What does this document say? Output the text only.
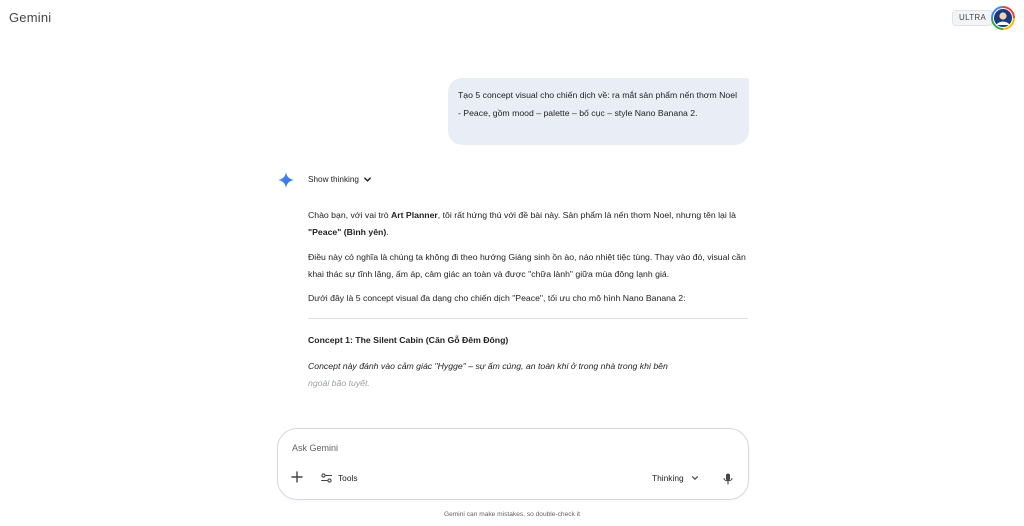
Gemini	ULTRA
Tạo 5 concept visual cho chiến dịch về: ra mắt sản phẩm nến thơm Noel - Peace, gồm mood – palette – bố cục – style Nano Banana 2.
Show thinking

Chào bạn, với vai trò Art Planner, tôi rất hứng thú với đề bài này. Sản phẩm là nến thơm Noel, nhưng tên lại là "Peace" (Bình yên).

Điều này có nghĩa là chúng ta không đi theo hướng Giáng sinh ồn ào, náo nhiệt tiệc tùng. Thay vào đó, visual cần khai thác sự tĩnh lặng, ấm áp, cảm giác an toàn và được "chữa lành" giữa mùa đông lạnh giá.

Dưới đây là 5 concept visual đa dạng cho chiến dịch "Peace", tối ưu cho mô hình Nano Banana 2:

Concept 1: The Silent Cabin (Căn Gỗ Đêm Đông)
Concept này đánh vào cảm giác "Hygge" – sự ấm cúng, an toàn khi ở trong nhà trong khi bên
ngoài bão tuyết.
Ask Gemini
Tools	Thinking
Gemini can make mistakes, so double-check it
